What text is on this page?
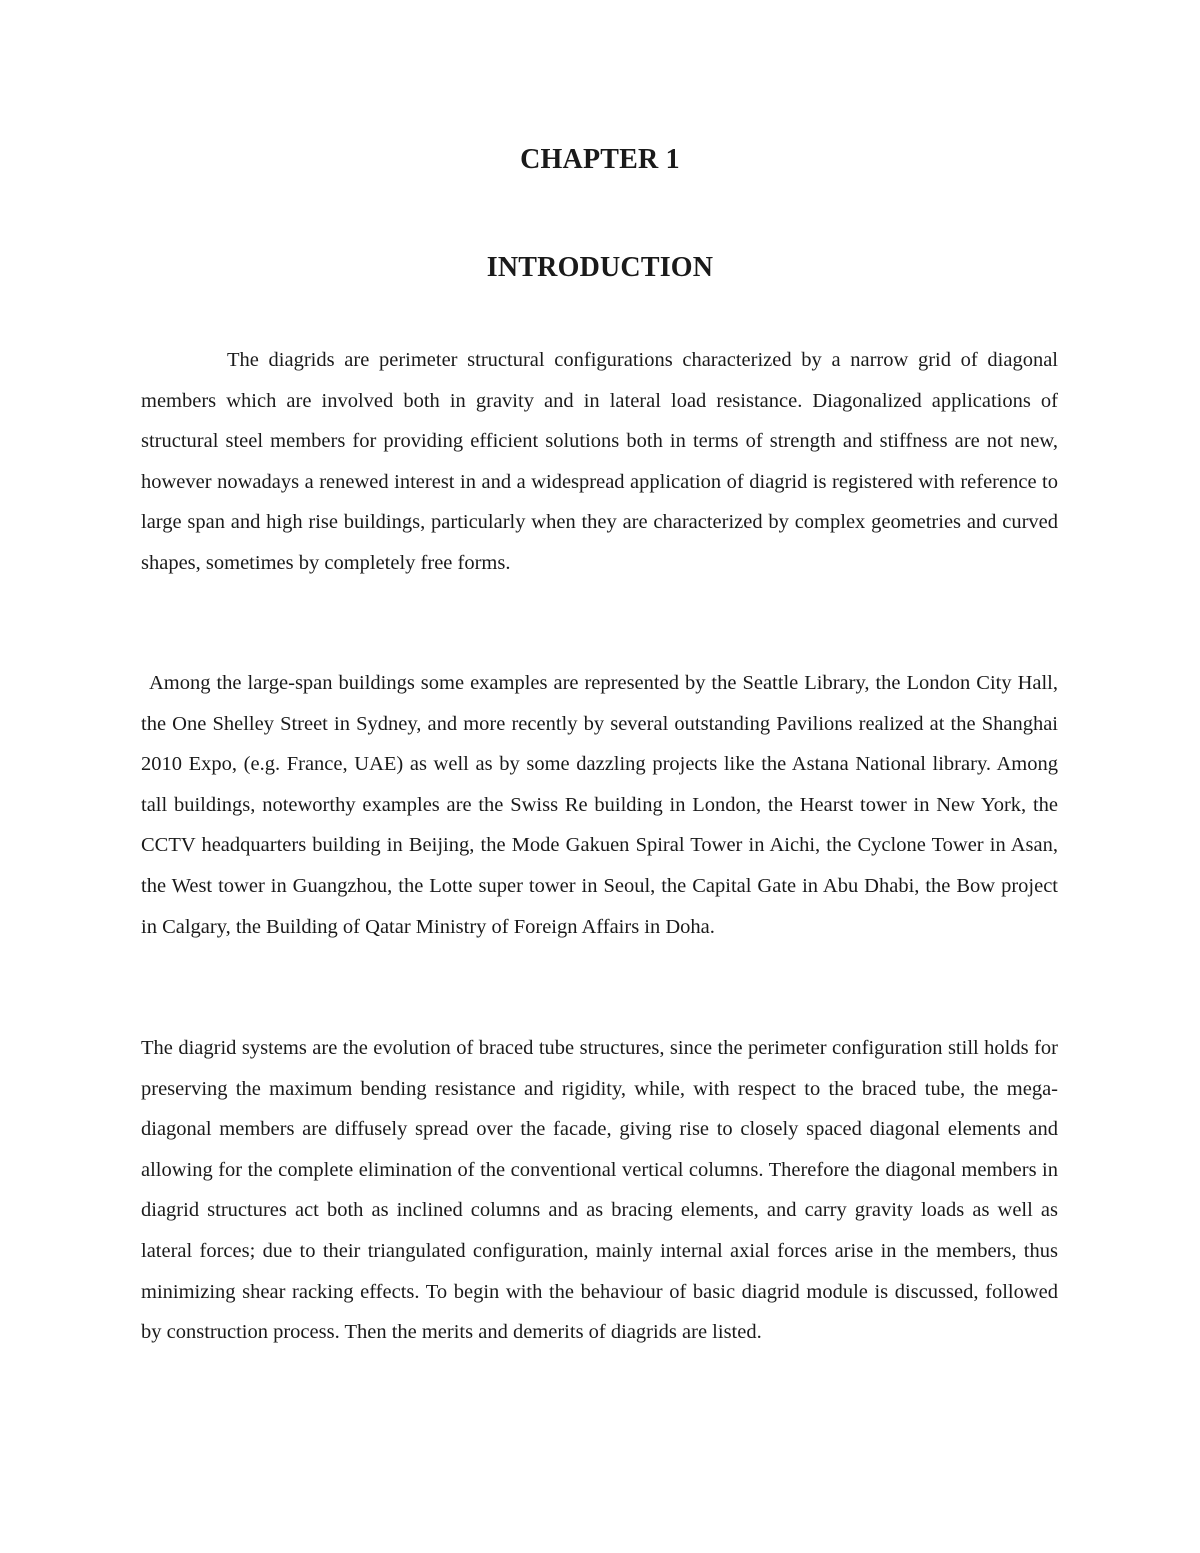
CHAPTER 1
INTRODUCTION

The diagrids are perimeter structural configurations characterized by a narrow grid of diagonal members which are involved both in gravity and in lateral load resistance. Diagonalized applications of structural steel members for providing efficient solutions both in terms of strength and stiffness are not new, however nowadays a renewed interest in and a widespread application of diagrid is registered with reference to large span and high rise buildings, particularly when they are characterized by complex geometries and curved shapes, sometimes by completely free forms.

Among the large-span buildings some examples are represented by the Seattle Library, the London City Hall, the One Shelley Street in Sydney, and more recently by several outstanding Pavilions realized at the Shanghai 2010 Expo, (e.g. France, UAE) as well as by some dazzling projects like the Astana National library. Among tall buildings, noteworthy examples are the Swiss Re building in London, the Hearst tower in New York, the CCTV headquarters building in Beijing, the Mode Gakuen Spiral Tower in Aichi, the Cyclone Tower in Asan, the West tower in Guangzhou, the Lotte super tower in Seoul, the Capital Gate in Abu Dhabi, the Bow project in Calgary, the Building of Qatar Ministry of Foreign Affairs in Doha.

The diagrid systems are the evolution of braced tube structures, since the perimeter configuration still holds for preserving the maximum bending resistance and rigidity, while, with respect to the braced tube, the mega-diagonal members are diffusely spread over the facade, giving rise to closely spaced diagonal elements and allowing for the complete elimination of the conventional vertical columns. Therefore the diagonal members in diagrid structures act both as inclined columns and as bracing elements, and carry gravity loads as well as lateral forces; due to their triangulated configuration, mainly internal axial forces arise in the members, thus minimizing shear racking effects. To begin with the behaviour of basic diagrid module is discussed, followed by construction process. Then the merits and demerits of diagrids are listed.
